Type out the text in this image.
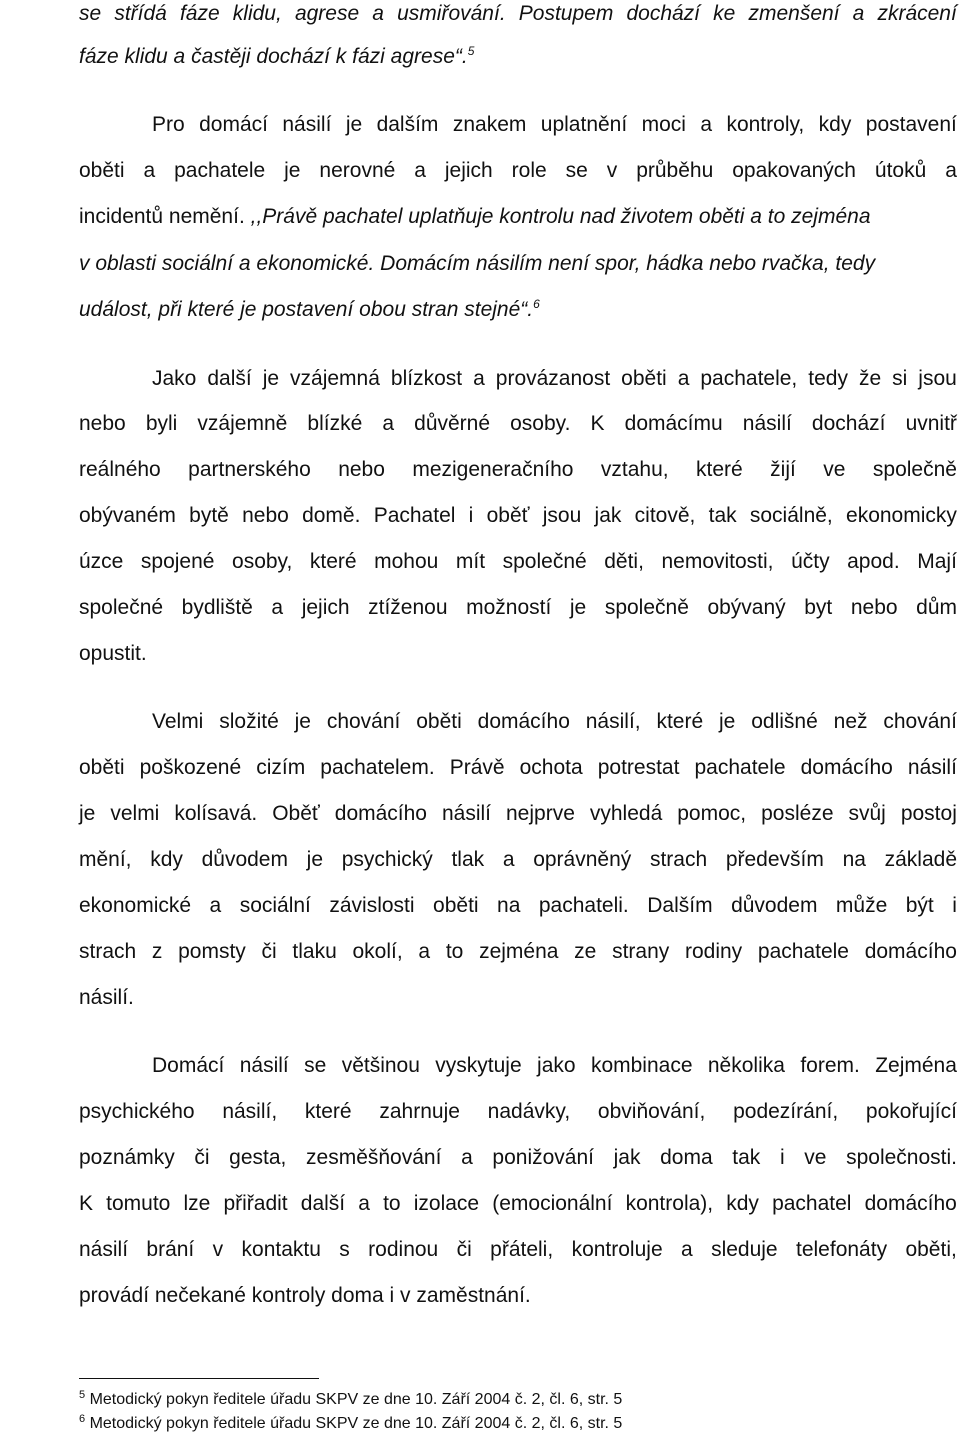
se střídá fáze klidu, agrese a usmiřování. Postupem dochází ke zmenšení a zkrácení
fáze klidu a častěji dochází k fázi agrese“.$^5$
Pro domácí násilí je dalším znakem uplatnění moci a kontroly, kdy postavení
oběti a pachatele je nerovné a jejich role se v průběhu opakovaných útoků a
incidentů nemění. ,,Právě pachatel uplatňuje kontrolu nad životem oběti a to zejména
v oblasti sociální a ekonomické. Domácím násilím není spor, hádka nebo rvačka, tedy
událost, při které je postavení obou stran stejné“.$^6$
Jako další je vzájemná blízkost a provázanost oběti a pachatele, tedy že si jsou
nebo byli vzájemně blízké a důvěrné osoby. K domácímu násilí dochází uvnitř
reálného partnerského nebo mezigeneračního vztahu, které žijí ve společně
obývaném bytě nebo domě. Pachatel i oběť jsou jak citově, tak sociálně, ekonomicky
úzce spojené osoby, které mohou mít společné děti, nemovitosti, účty apod. Mají
společné bydliště a jejich ztíženou možností je společně obývaný byt nebo dům
opustit.
Velmi složité je chování oběti domácího násilí, které je odlišné než chování
oběti poškozené cizím pachatelem. Právě ochota potrestat pachatele domácího násilí
je velmi kolísavá. Oběť domácího násilí nejprve vyhledá pomoc, posléze svůj postoj
mění, kdy důvodem je psychický tlak a oprávněný strach především na základě
ekonomické a sociální závislosti oběti na pachateli. Dalším důvodem může být i
strach z pomsty či tlaku okolí, a to zejména ze strany rodiny pachatele domácího
násilí.
Domácí násilí se většinou vyskytuje jako kombinace několika forem. Zejména
psychického násilí, které zahrnuje nadávky, obviňování, podezírání, pokořující
poznámky či gesta, zesměšňování a ponižování jak doma tak i ve společnosti.
K tomuto lze přiřadit další a to izolace (emocionální kontrola), kdy pachatel domácího
násilí brání v kontaktu s rodinou či přáteli, kontroluje a sleduje telefonáty oběti,
provádí nečekané kontroly doma i v zaměstnání.
$^5$ Metodický pokyn ředitele úřadu SKPV ze dne 10. Září 2004 č. 2, čl. 6, str. 5
$^6$ Metodický pokyn ředitele úřadu SKPV ze dne 10. Září 2004 č. 2, čl. 6, str. 5
